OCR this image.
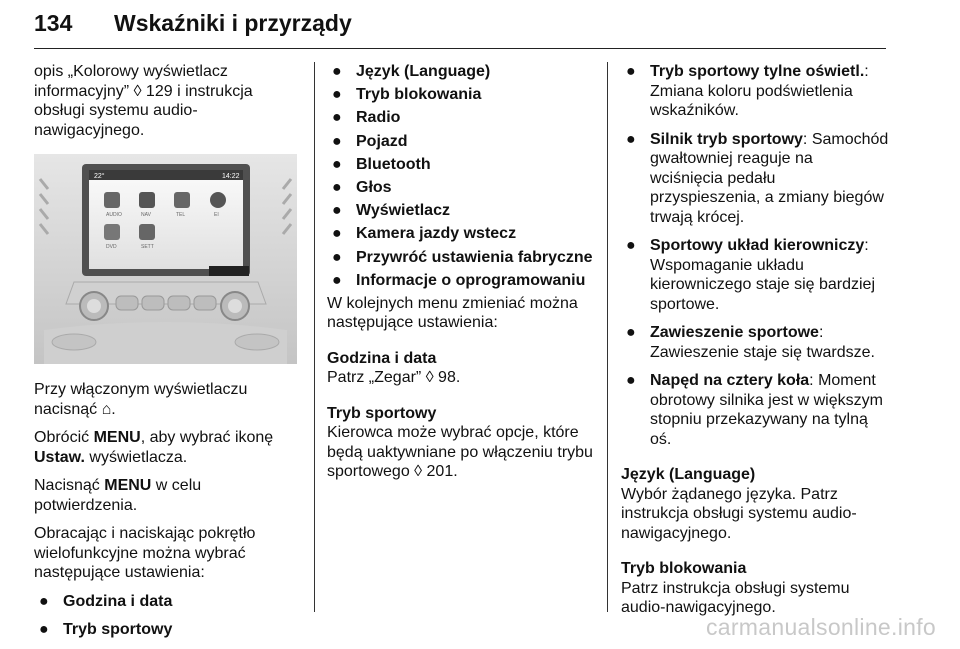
134 Wskaźniki i przyrządy

opis „Kolorowy wyświetlacz informacyjny” ◊ 129 i instrukcja obsługi systemu audio-nawigacyjnego.

22°	14:22
AUDIO	NAV	TEL	EI
DVD	SETT

Przy włączonym wyświetlaczu nacisnąć ⌂.

Obrócić MENU, aby wybrać ikonę Ustaw. wyświetlacza.

Nacisnąć MENU w celu potwierdzenia.

Obracając i naciskając pokrętło wielofunkcyjne można wybrać następujące ustawienia:

● Godzina i data
● Tryb sportowy
● Język (Language)
● Tryb blokowania
● Radio
● Pojazd
● Bluetooth
● Głos
● Wyświetlacz
● Kamera jazdy wstecz
● Przywróć ustawienia fabryczne
● Informacje o oprogramowaniu

W kolejnych menu zmieniać można następujące ustawienia:

Godzina i data

Patrz „Zegar” ◊ 98.

Tryb sportowy

Kierowca może wybrać opcje, które będą uaktywniane po włączeniu trybu sportowego ◊ 201.

● Tryb sportowy tylne oświetl.: Zmiana koloru podświetlenia wskaźników.
● Silnik tryb sportowy: Samochód gwałtowniej reaguje na wciśnięcia pedału przyspieszenia, a zmiany biegów trwają krócej.
● Sportowy układ kierowniczy: Wspomaganie układu kierowniczego staje się bardziej sportowe.
● Zawieszenie sportowe: Zawieszenie staje się twardsze.
● Napęd na cztery koła: Moment obrotowy silnika jest w większym stopniu przekazywany na tylną oś.

Język (Language)

Wybór żądanego języka. Patrz instrukcja obsługi systemu audio-nawigacyjnego.

Tryb blokowania

Patrz instrukcja obsługi systemu audio-nawigacyjnego.

carmanualsonline.info
